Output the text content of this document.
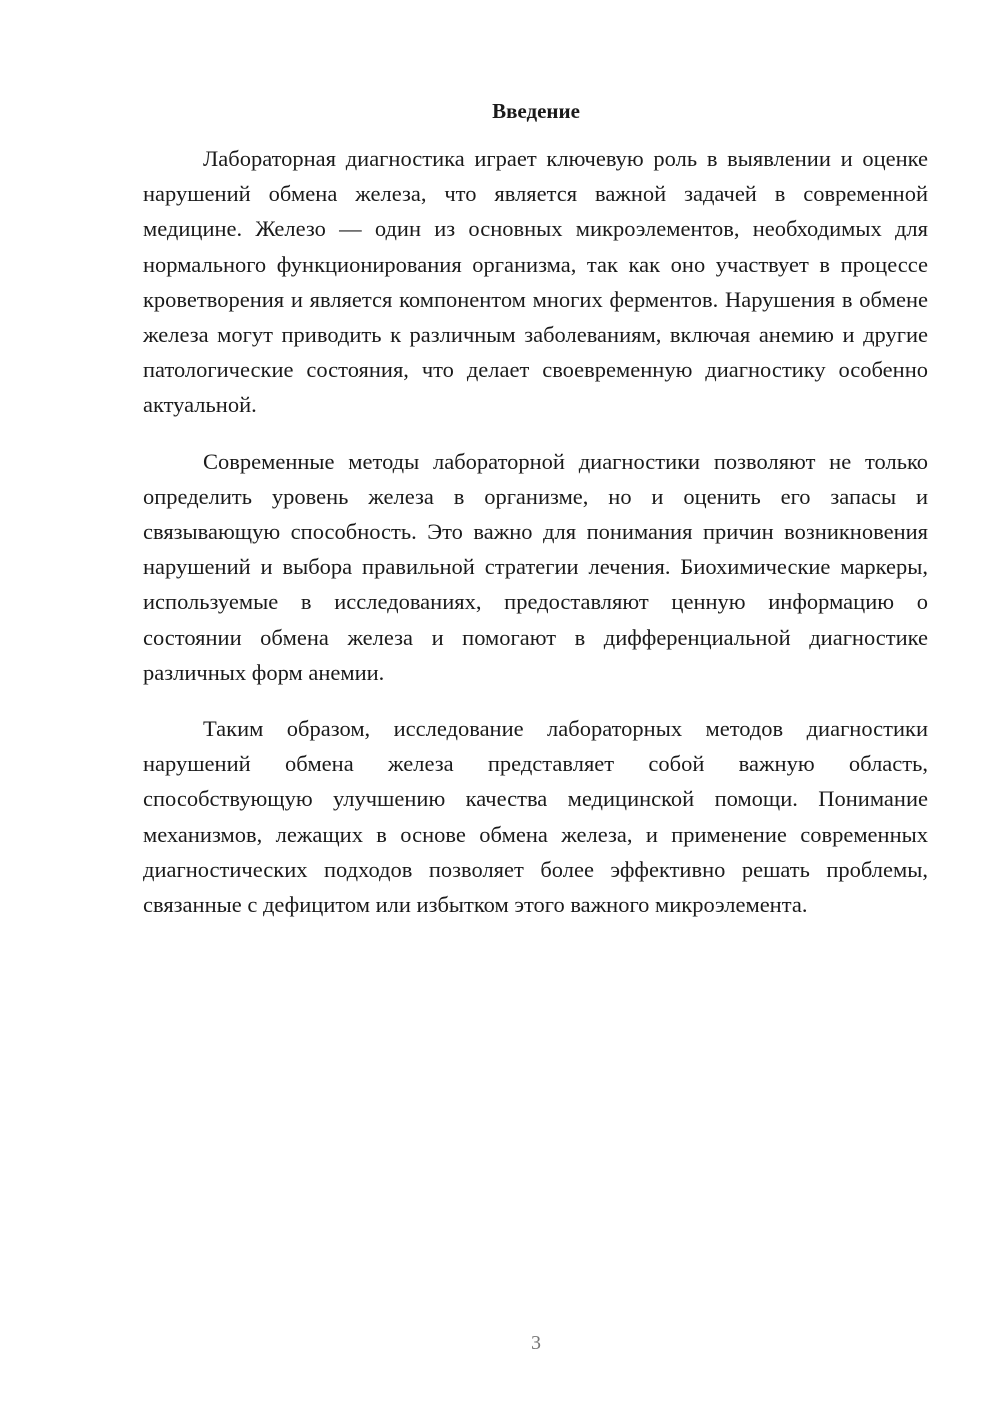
Введение

Лабораторная диагностика играет ключевую роль в выявлении и оценке нарушений обмена железа, что является важной задачей в современной медицине. Железо — один из основных микроэлементов, необходимых для нормального функционирования организма, так как оно участвует в процессе кроветворения и является компонентом многих ферментов. Нарушения в обмене железа могут приводить к различным заболеваниям, включая анемию и другие патологические состояния, что делает своевременную диагностику особенно актуальной.

Современные методы лабораторной диагностики позволяют не только определить уровень железа в организме, но и оценить его запасы и связывающую способность. Это важно для понимания причин возникновения нарушений и выбора правильной стратегии лечения. Биохимические маркеры, используемые в исследованиях, предоставляют ценную информацию о состоянии обмена железа и помогают в дифференциальной диагностике различных форм анемии.

Таким образом, исследование лабораторных методов диагностики нарушений обмена железа представляет собой важную область, способствующую улучшению качества медицинской помощи. Понимание механизмов, лежащих в основе обмена железа, и применение современных диагностических подходов позволяет более эффективно решать проблемы, связанные с дефицитом или избытком этого важного микроэлемента.

3
